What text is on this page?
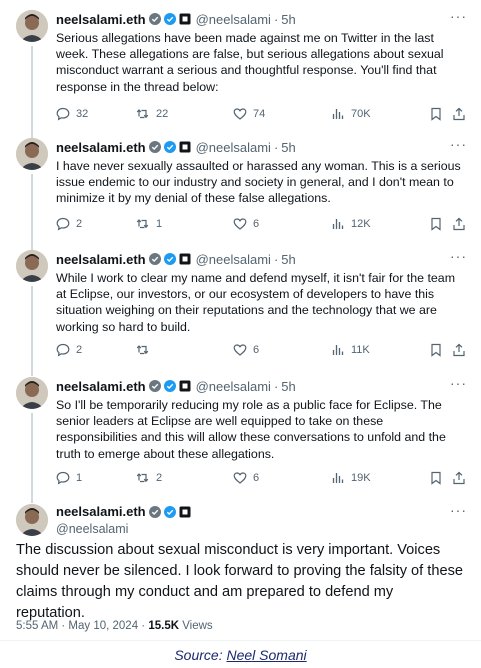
neelsalami.eth	@neelsalami · 5h	···
Serious allegations have been made against me on Twitter in the last week. These allegations are false, but serious allegations about sexual misconduct warrant a serious and thoughtful response. You'll find that response in the thread below:
32	22	74	70K
neelsalami.eth	@neelsalami · 5h	···
I have never sexually assaulted or harassed any woman. This is a serious issue endemic to our industry and society in general, and I don't mean to minimize it by my denial of these false allegations.
2	1	6	12K
neelsalami.eth	@neelsalami · 5h	···
While I work to clear my name and defend myself, it isn't fair for the team at Eclipse, our investors, or our ecosystem of developers to have this situation weighing on their reputations and the technology that we are working so hard to build.
2	6	11K
neelsalami.eth	@neelsalami · 5h	···
So I'll be temporarily reducing my role as a public face for Eclipse. The senior leaders at Eclipse are well equipped to take on these responsibilities and this will allow these conversations to unfold and the truth to emerge about these allegations.
1	2	6	19K
neelsalami.eth
@neelsalami
···
The discussion about sexual misconduct is very important. Voices should never be silenced. I look forward to proving the falsity of these claims through my conduct and am prepared to defend my reputation.
5:55 AM · May 10, 2024 · 15.5K Views
Source: Neel Somani
